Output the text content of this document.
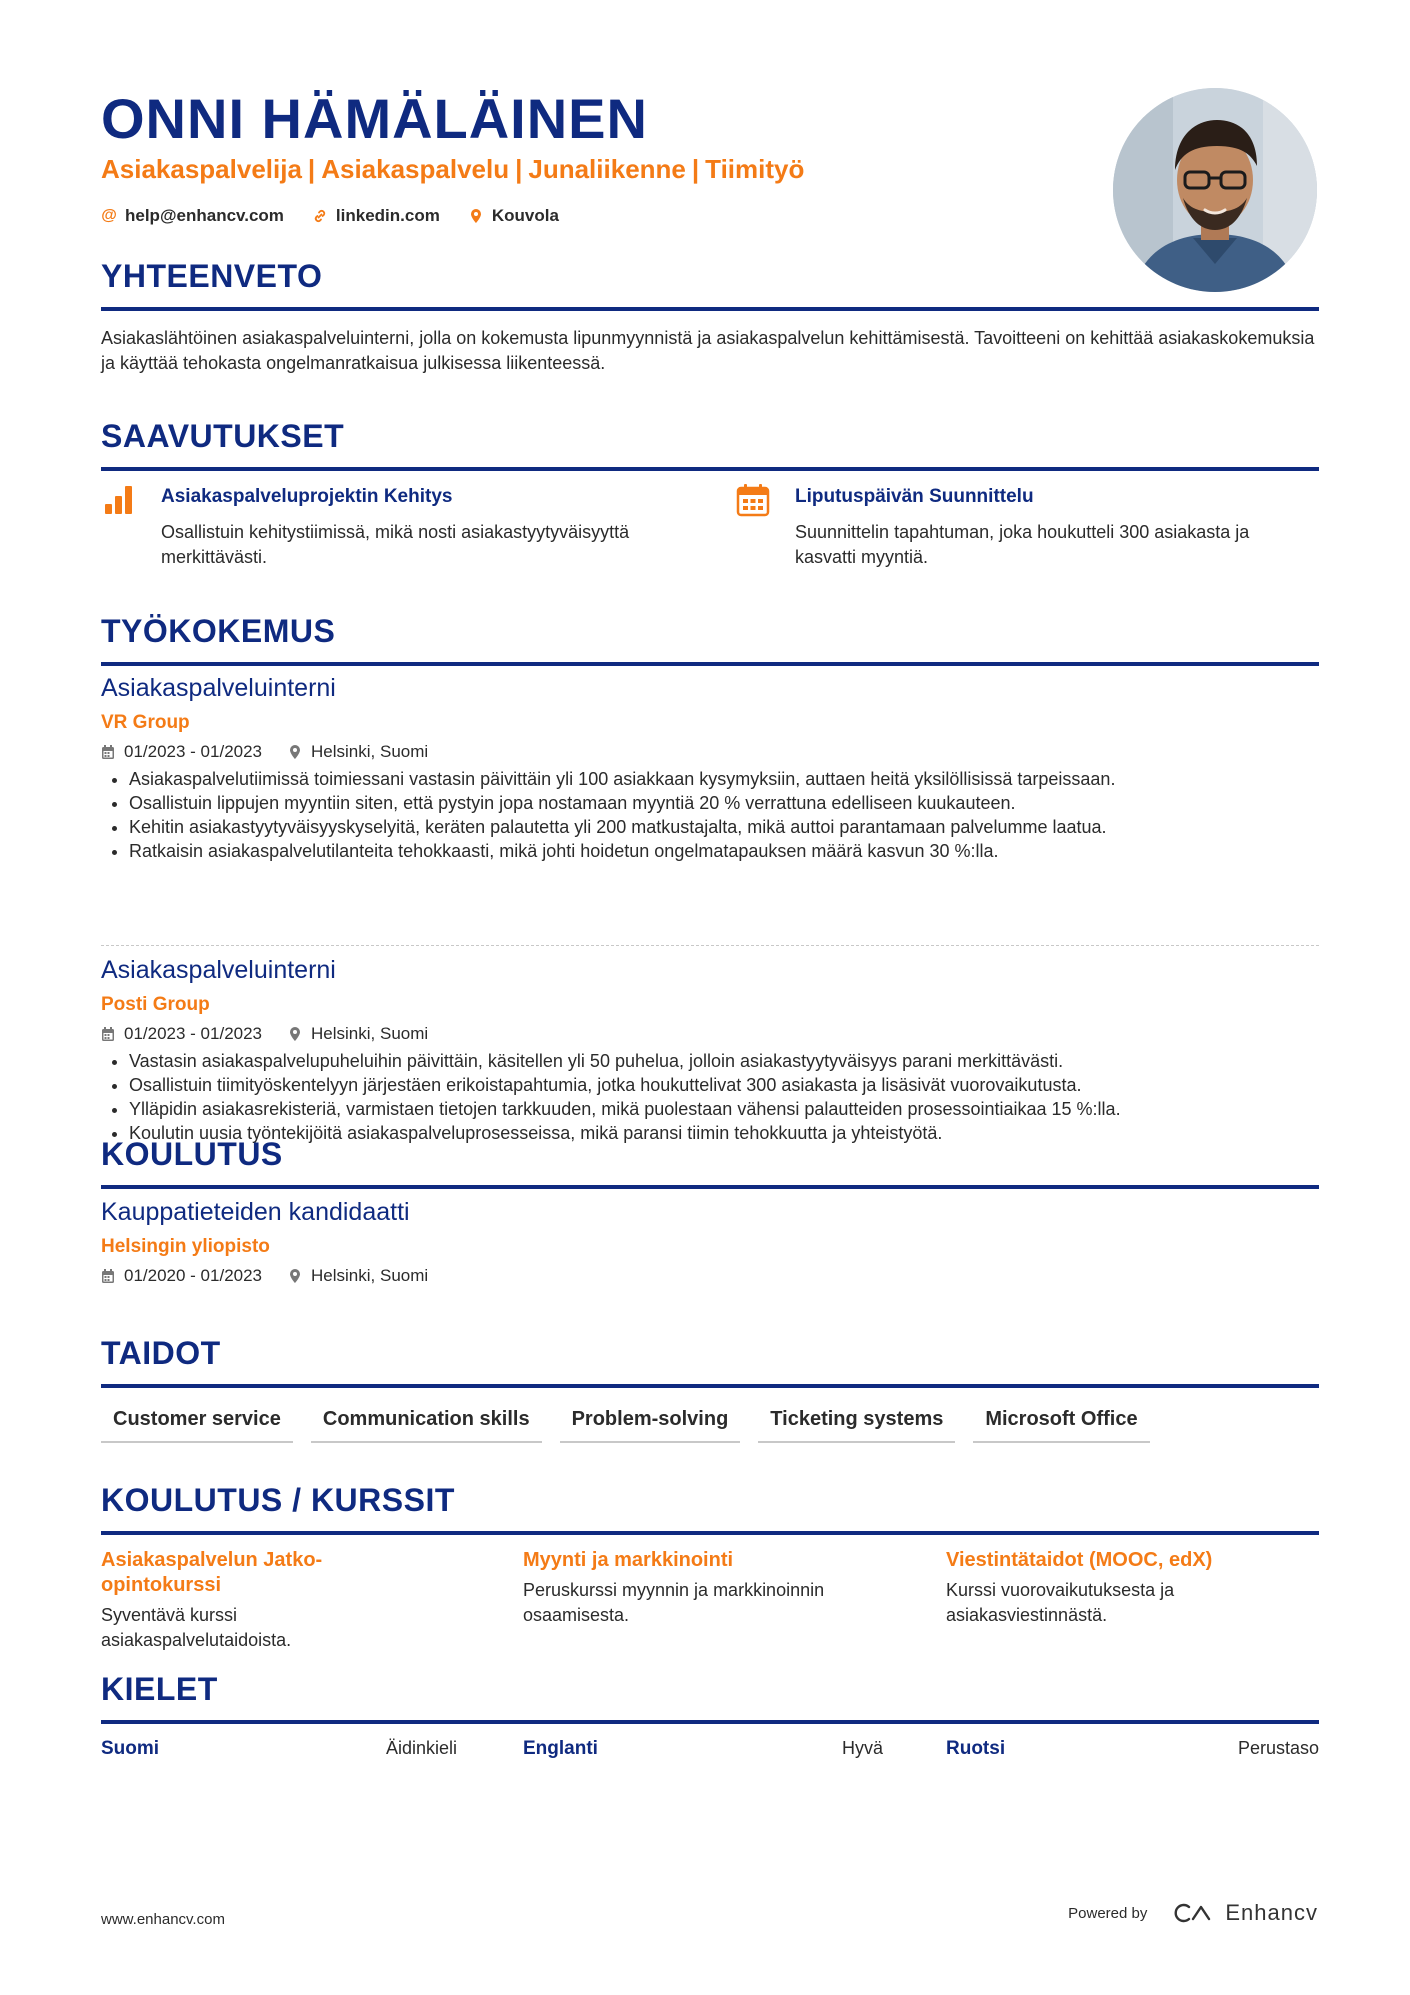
ONNI HÄMÄLÄINEN
Asiakaspalvelija | Asiakaspalvelu | Junaliikenne | Tiimityö
@ help@enhancv.com	linkedin.com	Kouvola
YHTEENVETO
Asiakaslähtöinen asiakaspalveluinterni, jolla on kokemusta lipunmyynnistä ja asiakaspalvelun kehittämisestä. Tavoitteeni on kehittää asiakaskokemuksia ja käyttää tehokasta ongelmanratkaisua julkisessa liikenteessä.
SAAVUTUKSET
Asiakaspalveluprojektin Kehitys
Osallistuin kehitystiimissä, mikä nosti asiakastyytyväisyyttä merkittävästi.
Liputuspäivän Suunnittelu
Suunnittelin tapahtuman, joka houkutteli 300 asiakasta ja kasvatti myyntiä.
TYÖKOKEMUS
Asiakaspalveluinterni
VR Group
01/2023 - 01/2023	Helsinki, Suomi
• Asiakaspalvelutiimissä toimiessani vastasin päivittäin yli 100 asiakkaan kysymyksiin, auttaen heitä yksilöllisissä tarpeissaan.
• Osallistuin lippujen myyntiin siten, että pystyin jopa nostamaan myyntiä 20 % verrattuna edelliseen kuukauteen.
• Kehitin asiakastyytyväisyyskyselyitä, keräten palautetta yli 200 matkustajalta, mikä auttoi parantamaan palvelumme laatua.
• Ratkaisin asiakaspalvelutilanteita tehokkaasti, mikä johti hoidetun ongelmatapauksen määrä kasvun 30 %:lla.
Asiakaspalveluinterni
Posti Group
01/2023 - 01/2023	Helsinki, Suomi
• Vastasin asiakaspalvelupuheluihin päivittäin, käsitellen yli 50 puhelua, jolloin asiakastyytyväisyys parani merkittävästi.
• Osallistuin tiimityöskentelyyn järjestäen erikoistapahtumia, jotka houkuttelivat 300 asiakasta ja lisäsivät vuorovaikutusta.
• Ylläpidin asiakasrekisteriä, varmistaen tietojen tarkkuuden, mikä puolestaan vähensi palautteiden prosessointiaikaa 15 %:lla.
• Koulutin uusia työntekijöitä asiakaspalveluprosesseissa, mikä paransi tiimin tehokkuutta ja yhteistyötä.
KOULUTUS
Kauppatieteiden kandidaatti
Helsingin yliopisto
01/2020 - 01/2023	Helsinki, Suomi
TAIDOT
Customer service	Communication skills	Problem-solving	Ticketing systems	Microsoft Office
KOULUTUS / KURSSIT
Asiakaspalvelun Jatko-opintokurssi
Syventävä kurssi asiakaspalvelutaidoista.
Myynti ja markkinointi
Peruskurssi myynnin ja markkinoinnin osaamisesta.
Viestintätaidot (MOOC, edX)
Kurssi vuorovaikutuksesta ja asiakasviestinnästä.
KIELET
Suomi	Äidinkieli	Englanti	Hyvä	Ruotsi	Perustaso
www.enhancv.com	Powered by	Enhancv
